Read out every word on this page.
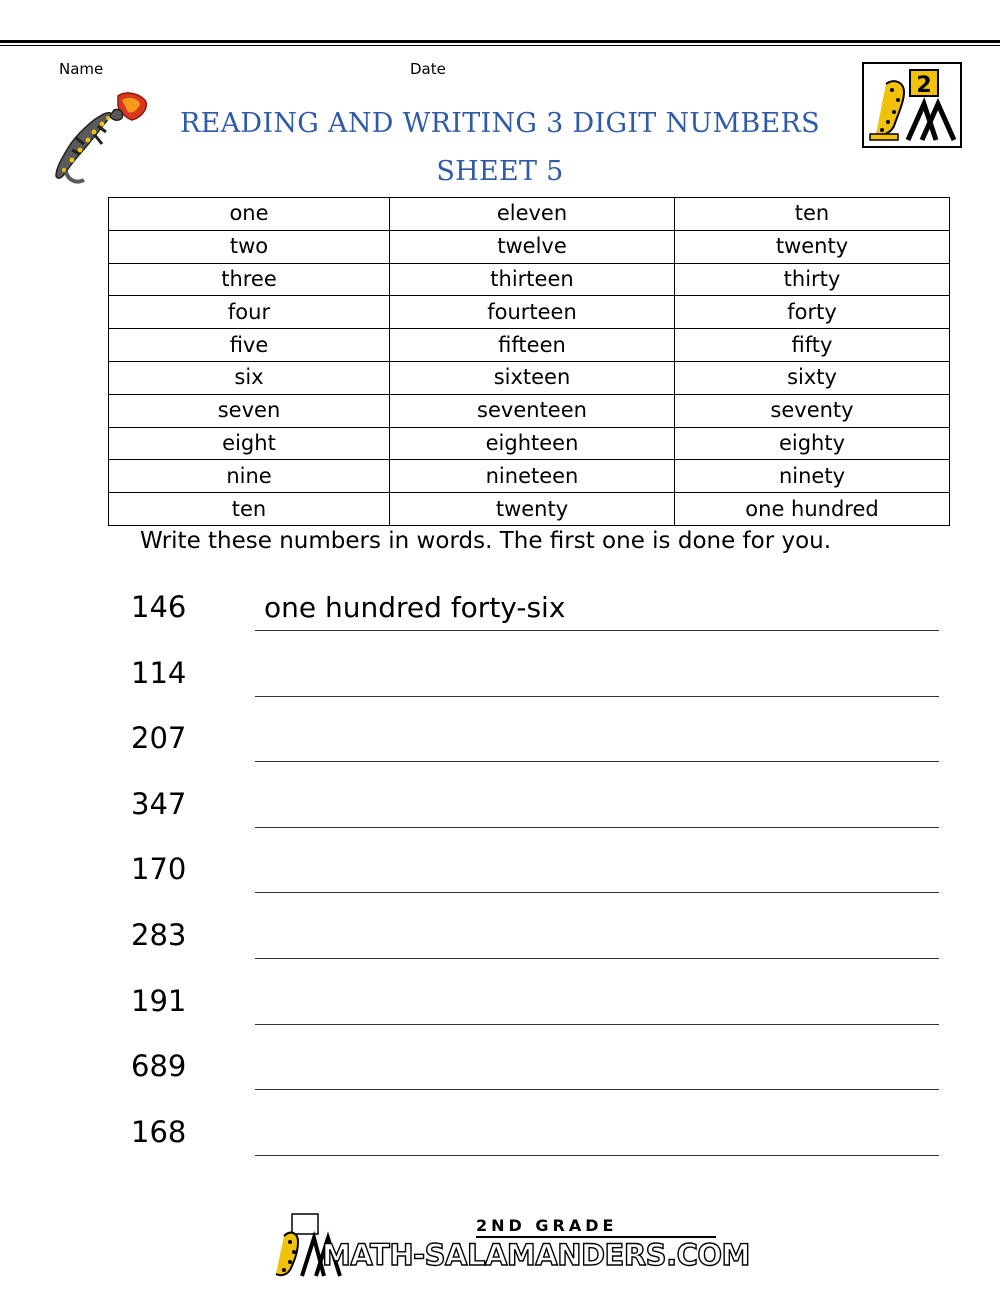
Name	Date
2
READING AND WRITING 3 DIGIT NUMBERS
SHEET 5
one	eleven	ten
two	twelve	twenty
three	thirteen	thirty
four	fourteen	forty
five	fifteen	fifty
six	sixteen	sixty
seven	seventeen	seventy
eight	eighteen	eighty
nine	nineteen	ninety
ten	twenty	one hundred
Write these numbers in words. The first one is done for you.
146	one hundred forty-six
114
207
347
170
283
191
689
168
2ND GRADE
MATH-SALAMANDERS.COM
